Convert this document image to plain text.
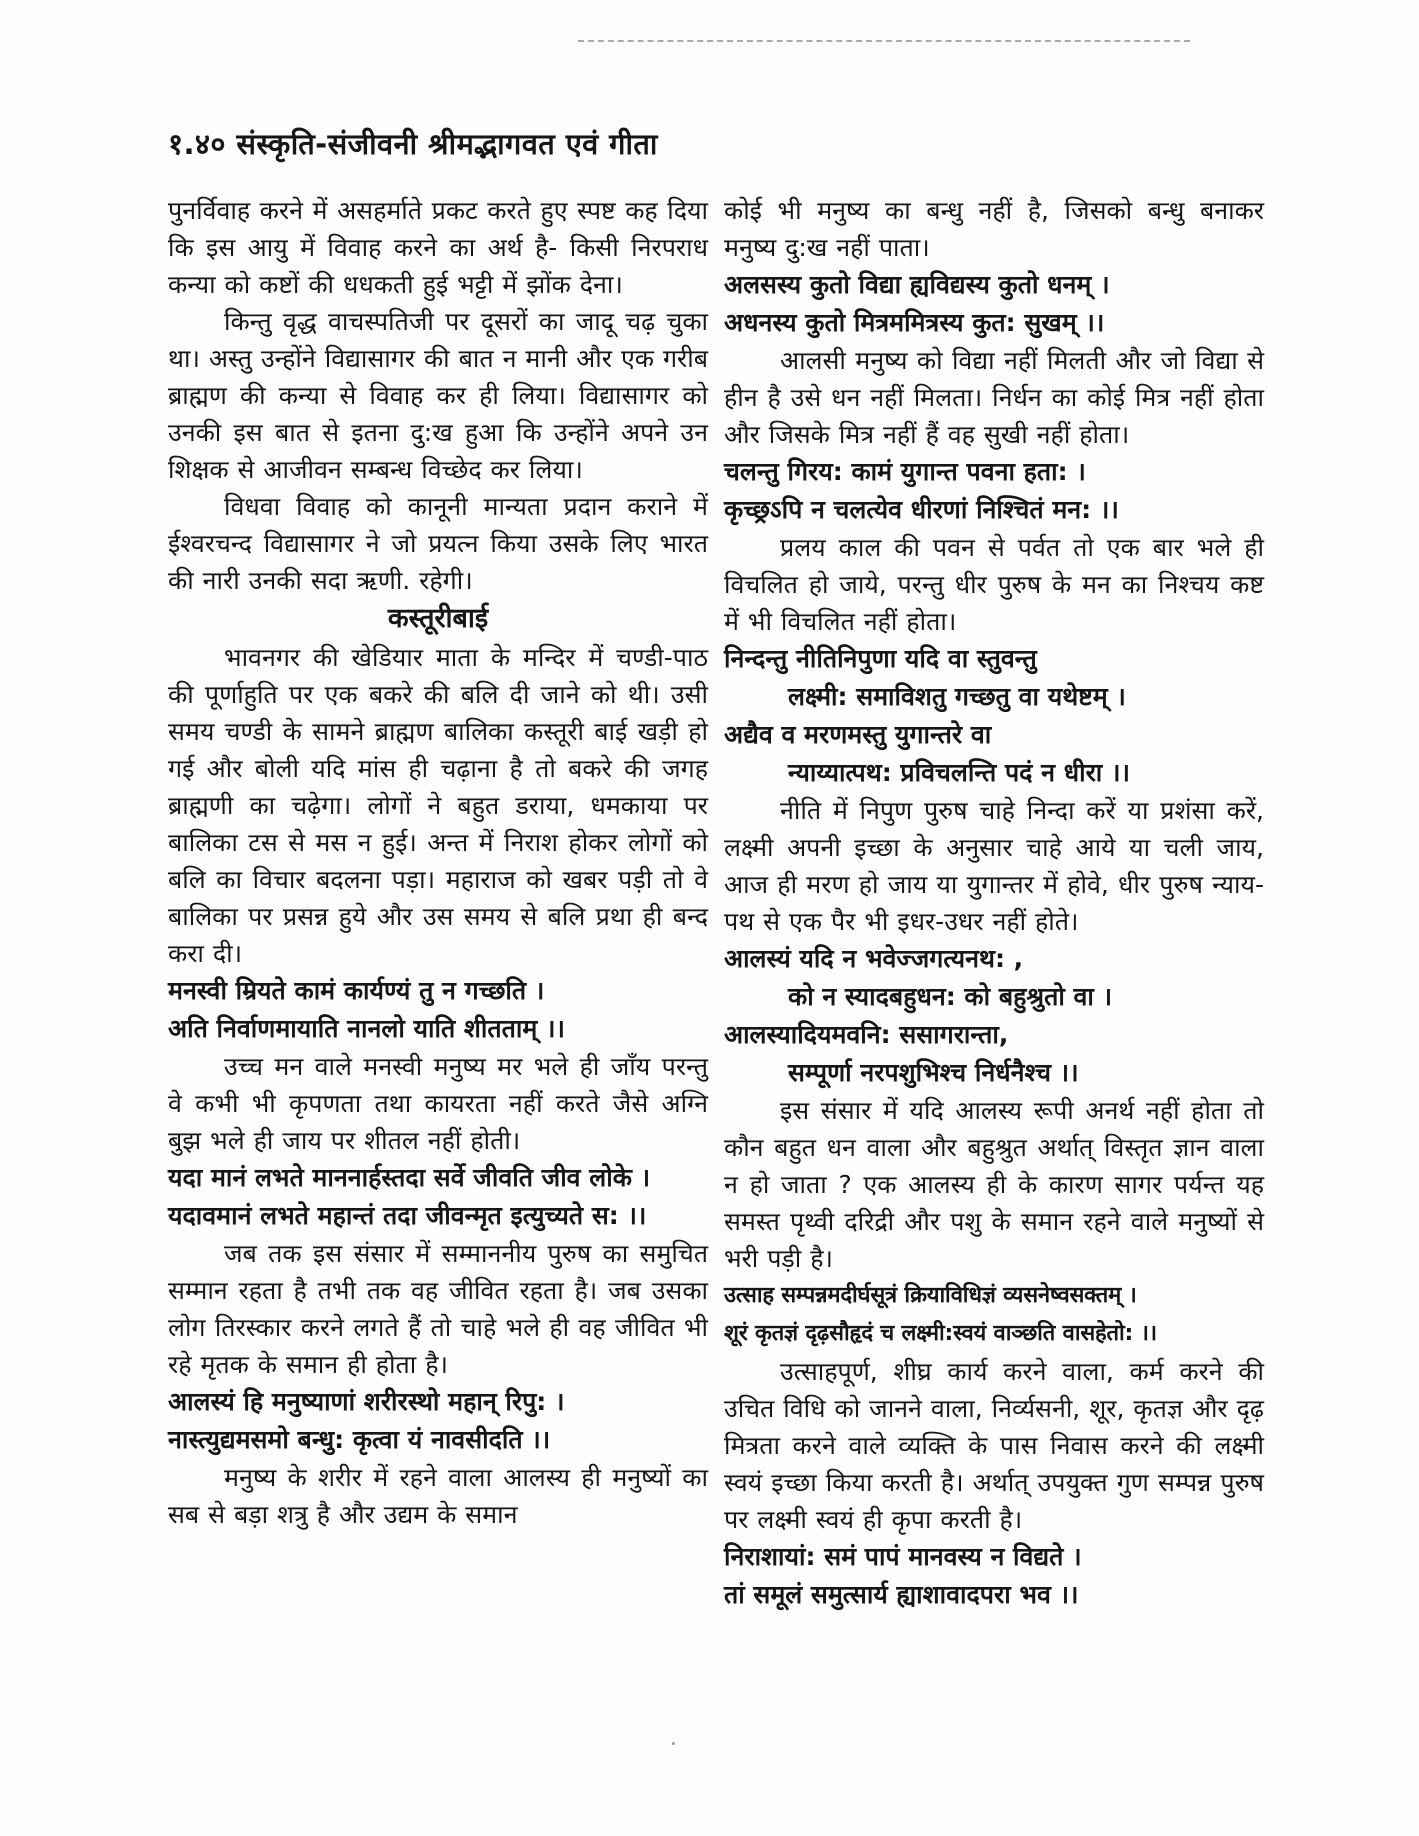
१.४० संस्कृति-संजीवनी श्रीमद्भागवत एवं गीता

पुनर्विवाह करने में असहर्माते प्रकट करते हुए स्पष्ट कह दिया कि इस आयु में विवाह करने का अर्थ है- किसी निरपराध कन्या को कष्टों की धधकती हुई भट्टी में झोंक देना।

किन्तु वृद्ध वाचस्पतिजी पर दूसरों का जादू चढ़ चुका था। अस्तु उन्होंने विद्यासागर की बात न मानी और एक गरीब ब्राह्मण की कन्या से विवाह कर ही लिया। विद्यासागर को उनकी इस बात से इतना दु:ख हुआ कि उन्होंने अपने उन शिक्षक से आजीवन सम्बन्ध विच्छेद कर लिया।

विधवा विवाह को कानूनी मान्यता प्रदान कराने में ईश्वरचन्द विद्यासागर ने जो प्रयत्न किया उसके लिए भारत की नारी उनकी सदा ऋणी. रहेगी।

कस्तूरीबाई

भावनगर की खेडियार माता के मन्दिर में चण्डी-पाठ की पूर्णाहुति पर एक बकरे की बलि दी जाने को थी। उसी समय चण्डी के सामने ब्राह्मण बालिका कस्तूरी बाई खड़ी हो गई और बोली यदि मांस ही चढ़ाना है तो बकरे की जगह ब्राह्मणी का चढ़ेगा। लोगों ने बहुत डराया, धमकाया पर बालिका टस से मस न हुई। अन्त में निराश होकर लोगों को बलि का विचार बदलना पड़ा। महाराज को खबर पड़ी तो वे बालिका पर प्रसन्न हुये और उस समय से बलि प्रथा ही बन्द करा दी।

मनस्वी म्रियते कामं कार्यण्यं तु न गच्छति ।

अति निर्वाणमायाति नानलो याति शीतताम् ।।

उच्च मन वाले मनस्वी मनुष्य मर भले ही जाँय परन्तु वे कभी भी कृपणता तथा कायरता नहीं करते जैसे अग्नि बुझ भले ही जाय पर शीतल नहीं होती।

यदा मानं लभते माननार्हस्तदा सर्वे जीवति जीव लोके ।

यदावमानं लभते महान्तं तदा जीवन्मृत इत्युच्यते स: ।।

जब तक इस संसार में सम्माननीय पुरुष का समुचित सम्मान रहता है तभी तक वह जीवित रहता है। जब उसका लोग तिरस्कार करने लगते हैं तो चाहे भले ही वह जीवित भी रहे मृतक के समान ही होता है।

आलस्यं हि मनुष्याणां शरीरस्थो महान् रिपु: ।

नास्त्युद्यमसमो बन्धु: कृत्वा यं नावसीदति ।।

मनुष्य के शरीर में रहने वाला आलस्य ही मनुष्यों का सब से बड़ा शत्रु है और उद्यम के समान

कोई भी मनुष्य का बन्धु नहीं है, जिसको बन्धु बनाकर मनुष्य दु:ख नहीं पाता।

अलसस्य कुतो विद्या ह्यविद्यस्य कुतो धनम् ।

अधनस्य कुतो मित्रममित्रस्य कुत: सुखम् ।।

आलसी मनुष्य को विद्या नहीं मिलती और जो विद्या से हीन है उसे धन नहीं मिलता। निर्धन का कोई मित्र नहीं होता और जिसके मित्र नहीं हैं वह सुखी नहीं होता।

चलन्तु गिरय: कामं युगान्त पवना हता: ।

कृच्छ्रऽपि न चलत्येव धीरणां निश्चितं मन: ।।

प्रलय काल की पवन से पर्वत तो एक बार भले ही विचलित हो जाये, परन्तु धीर पुरुष के मन का निश्चय कष्ट में भी विचलित नहीं होता।

निन्दन्तु नीतिनिपुणा यदि वा स्तुवन्तु

लक्ष्मी: समाविशतु गच्छतु वा यथेष्टम् ।

अद्यैव व मरणमस्तु युगान्तरे वा

न्याय्यात्पथ: प्रविचलन्ति पदं न धीरा ।।

नीति में निपुण पुरुष चाहे निन्दा करें या प्रशंसा करें, लक्ष्मी अपनी इच्छा के अनुसार चाहे आये या चली जाय, आज ही मरण हो जाय या युगान्तर में होवे, धीर पुरुष न्याय-पथ से एक पैर भी इधर-उधर नहीं होते।

आलस्यं यदि न भवेज्जगत्यनथ: ,

को न स्यादबहुधन: को बहुश्रुतो वा ।

आलस्यादियमवनि: ससागरान्ता,

सम्पूर्णा नरपशुभिश्च निर्धनैश्च ।।

इस संसार में यदि आलस्य रूपी अनर्थ नहीं होता तो कौन बहुत धन वाला और बहुश्रुत अर्थात् विस्तृत ज्ञान वाला न हो जाता ? एक आलस्य ही के कारण सागर पर्यन्त यह समस्त पृथ्वी दरिद्री और पशु के समान रहने वाले मनुष्यों से भरी पड़ी है।

उत्साह सम्पन्नमदीर्घसूत्रं क्रियाविधिज्ञं व्यसनेष्वसक्तम् ।

शूरं कृतज्ञं दृढ़सौहृदं च लक्ष्मी:स्वयं वाञ्छति वासहेतो: ।।

उत्साहपूर्ण, शीघ्र कार्य करने वाला, कर्म करने की उचित विधि को जानने वाला, निर्व्यसनी, शूर, कृतज्ञ और दृढ़ मित्रता करने वाले व्यक्ति के पास निवास करने की लक्ष्मी स्वयं इच्छा किया करती है। अर्थात् उपयुक्त गुण सम्पन्न पुरुष पर लक्ष्मी स्वयं ही कृपा करती है।

निराशायां: समं पापं मानवस्य न विद्यते ।

तां समूलं समुत्सार्य ह्याशावादपरा भव ।।
